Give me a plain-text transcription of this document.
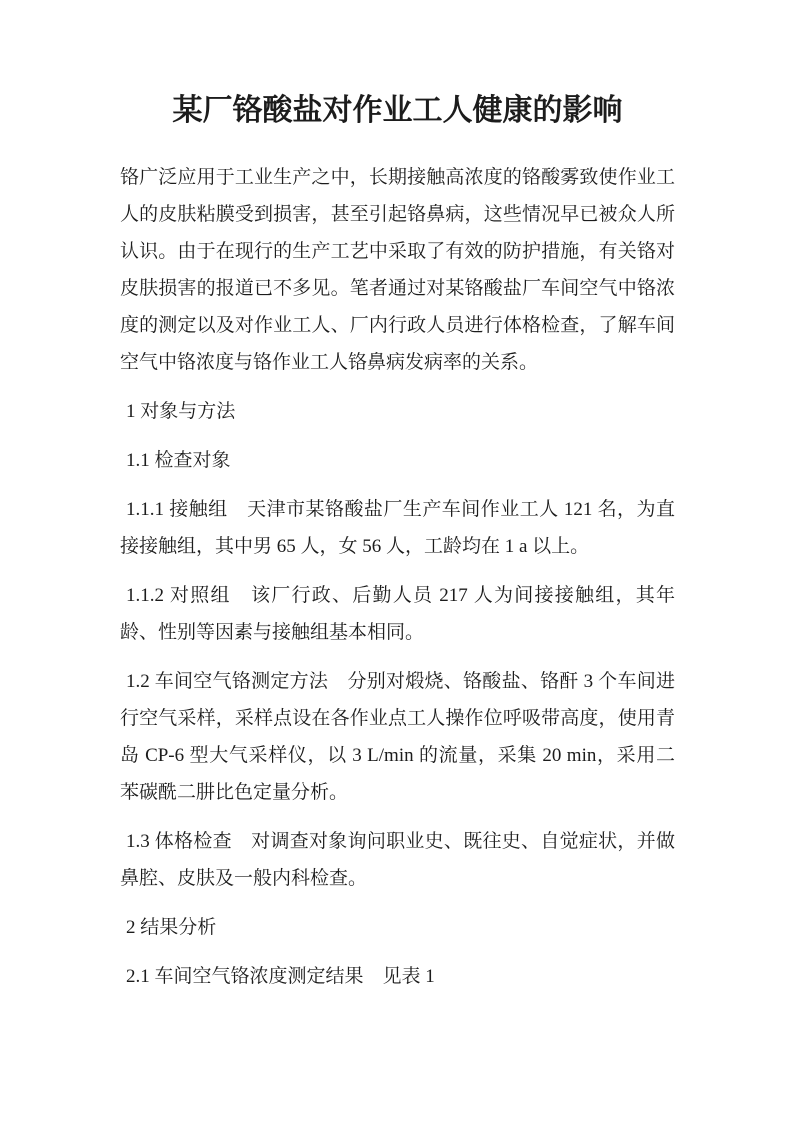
某厂铬酸盐对作业工人健康的影响

铬广泛应用于工业生产之中，长期接触高浓度的铬酸雾致使作业工人的皮肤粘膜受到损害，甚至引起铬鼻病，这些情况早已被众人所认识。由于在现行的生产工艺中采取了有效的防护措施，有关铬对皮肤损害的报道已不多见。笔者通过对某铬酸盐厂车间空气中铬浓度的测定以及对作业工人、厂内行政人员进行体格检查，了解车间空气中铬浓度与铬作业工人铬鼻病发病率的关系。

1 对象与方法

1.1 检查对象

1.1.1 接触组　天津市某铬酸盐厂生产车间作业工人 121 名，为直接接触组，其中男 65 人，女 56 人，工龄均在 1 a 以上。

1.1.2 对照组　该厂行政、后勤人员 217 人为间接接触组，其年龄、性别等因素与接触组基本相同。

1.2 车间空气铬测定方法　分别对煅烧、铬酸盐、铬酐 3 个车间进行空气采样，采样点设在各作业点工人操作位呼吸带高度，使用青岛 CP-6 型大气采样仪，以 3 L/min 的流量，采集 20 min，采用二苯碳酰二肼比色定量分析。

1.3 体格检查　对调查对象询问职业史、既往史、自觉症状，并做鼻腔、皮肤及一般内科检查。

2 结果分析

2.1 车间空气铬浓度测定结果　见表 1
